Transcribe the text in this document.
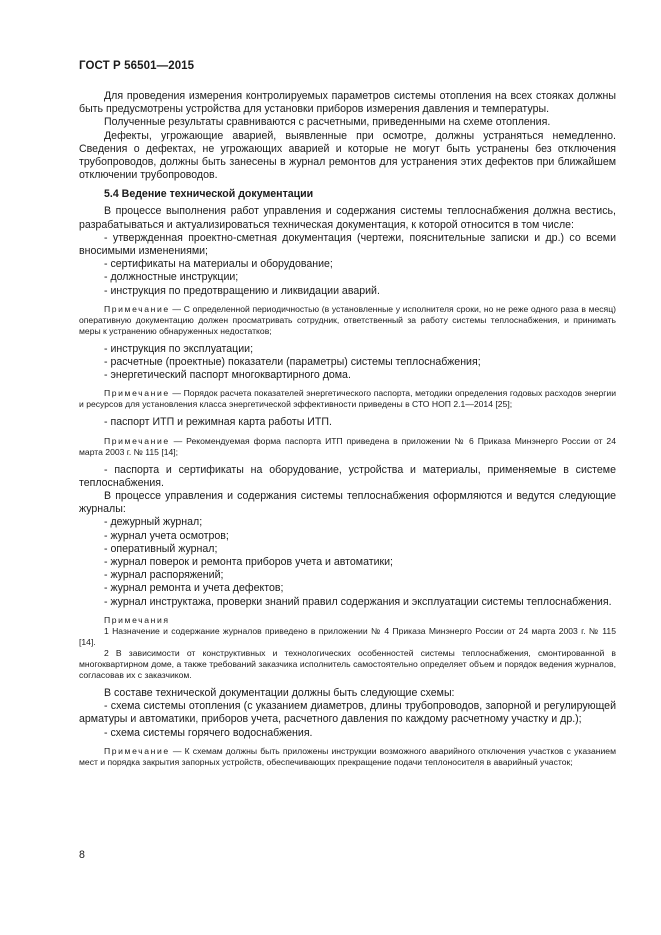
ГОСТ Р 56501—2015

Для проведения измерения контролируемых параметров системы отопления на всех стояках должны быть предусмотрены устройства для установки приборов измерения давления и температуры.

Полученные результаты сравниваются с расчетными, приведенными на схеме отопления.

Дефекты, угрожающие аварией, выявленные при осмотре, должны устраняться немедленно. Сведения о дефектах, не угрожающих аварией и которые не могут быть устранены без отключения трубопроводов, должны быть занесены в журнал ремонтов для устранения этих дефектов при ближайшем отключении трубопроводов.

5.4 Ведение технической документации

В процессе выполнения работ управления и содержания системы теплоснабжения должна вестись, разрабатываться и актуализироваться техническая документация, к которой относится в том числе:

- утвержденная проектно-сметная документация (чертежи, пояснительные записки и др.) со всеми вносимыми изменениями;

- сертификаты на материалы и оборудование;

- должностные инструкции;

- инструкция по предотвращению и ликвидации аварий.

Примечание — С определенной периодичностью (в установленные у исполнителя сроки, но не реже одного раза в месяц) оперативную документацию должен просматривать сотрудник, ответственный за работу системы теплоснабжения, и принимать меры к устранению обнаруженных недостатков;

- инструкция по эксплуатации;

- расчетные (проектные) показатели (параметры) системы теплоснабжения;

- энергетический паспорт многоквартирного дома.

Примечание — Порядок расчета показателей энергетического паспорта, методики определения годовых расходов энергии и ресурсов для установления класса энергетической эффективности приведены в СТО НОП 2.1—2014 [25];

- паспорт ИТП и режимная карта работы ИТП.

Примечание — Рекомендуемая форма паспорта ИТП приведена в приложении № 6 Приказа Минэнерго России от 24 марта 2003 г. № 115 [14];

- паспорта и сертификаты на оборудование, устройства и материалы, применяемые в системе теплоснабжения.

В процессе управления и содержания системы теплоснабжения оформляются и ведутся следующие журналы:

- дежурный журнал;

- журнал учета осмотров;

- оперативный журнал;

- журнал поверок и ремонта приборов учета и автоматики;

- журнал распоряжений;

- журнал ремонта и учета дефектов;

- журнал инструктажа, проверки знаний правил содержания и эксплуатации системы теплоснабжения.

Примечания

1 Назначение и содержание журналов приведено в приложении № 4 Приказа Минэнерго России от 24 марта 2003 г. № 115 [14].

2 В зависимости от конструктивных и технологических особенностей системы теплоснабжения, смонтированной в многоквартирном доме, а также требований заказчика исполнитель самостоятельно определяет объем и порядок ведения журналов, согласовав их с заказчиком.

В составе технической документации должны быть следующие схемы:

- схема системы отопления (с указанием диаметров, длины трубопроводов, запорной и регулирующей арматуры и автоматики, приборов учета, расчетного давления по каждому расчетному участку и др.);

- схема системы горячего водоснабжения.

Примечание — К схемам должны быть приложены инструкции возможного аварийного отключения участков с указанием мест и порядка закрытия запорных устройств, обеспечивающих прекращение подачи теплоносителя в аварийный участок;

8
